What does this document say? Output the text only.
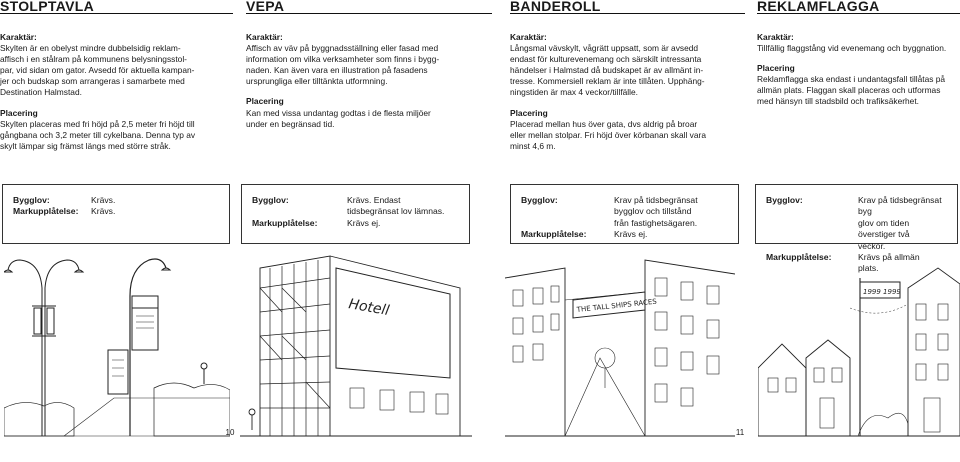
STOLPTAVLA
Karaktär:
Skylten är en obelyst mindre dubbelsidig reklam-
affisch i en stålram på kommunens belysningsstol-
par, vid sidan om gator. Avsedd för aktuella kampan-
jer och budskap som arrangeras i samarbete med
Destination Halmstad.
Placering
Skylten placeras med fri höjd på 2,5 meter fri höjd till
gångbana och 3,2 meter till cykelbana. Denna typ av
skylt lämpar sig främst längs med större stråk.
VEPA
Karaktär:
Affisch av väv på byggnadsställning eller fasad med
information om vilka verksamheter som finns i bygg-
naden. Kan även vara en illustration på fasadens
ursprungliga eller tilltänkta utformning.
Placering
Kan med vissa undantag godtas i de flesta miljöer
under en begränsad tid.
BANDEROLL
Karaktär:
Långsmal vävskylt, vågrätt uppsatt, som är avsedd
endast för kulturevenemang och särskilt intressanta
händelser i Halmstad då budskapet är av allmänt in-
tresse. Kommersiell reklam är inte tillåten. Upphäng-
ningstiden är max 4 veckor/tillfälle.
Placering
Placerad mellan hus över gata, dvs aldrig på broar
eller mellan stolpar. Fri höjd över körbanan skall vara
minst 4,6 m.
REKLAMFLAGGA
Karaktär:
Tillfällig flaggstång vid evenemang och byggnation.
Placering
Reklamflagga ska endast i undantagsfall tillåtas på
allmän plats. Flaggan skall placeras och utformas
med hänsyn till stadsbild och trafiksäkerhet.
Bygglov:	Krävs.
Markupplåtelse:	Krävs.
Bygglov:	Krävs. Endast
tidsbegränsat lov lämnas.
Markupplåtelse:	Krävs ej.
Bygglov:	Krav på tidsbegränsat
bygglov och tillstånd
från fastighetsägaren.
Markupplåtelse:	Krävs ej.
Bygglov:	Krav på tidsbegränsat byg
glov om tiden överstiger två
veckor.
Markupplåtelse:	Krävs på allmän
plats.
Hotell	THE TALL SHIPS RACES
1999 1999
10	11
